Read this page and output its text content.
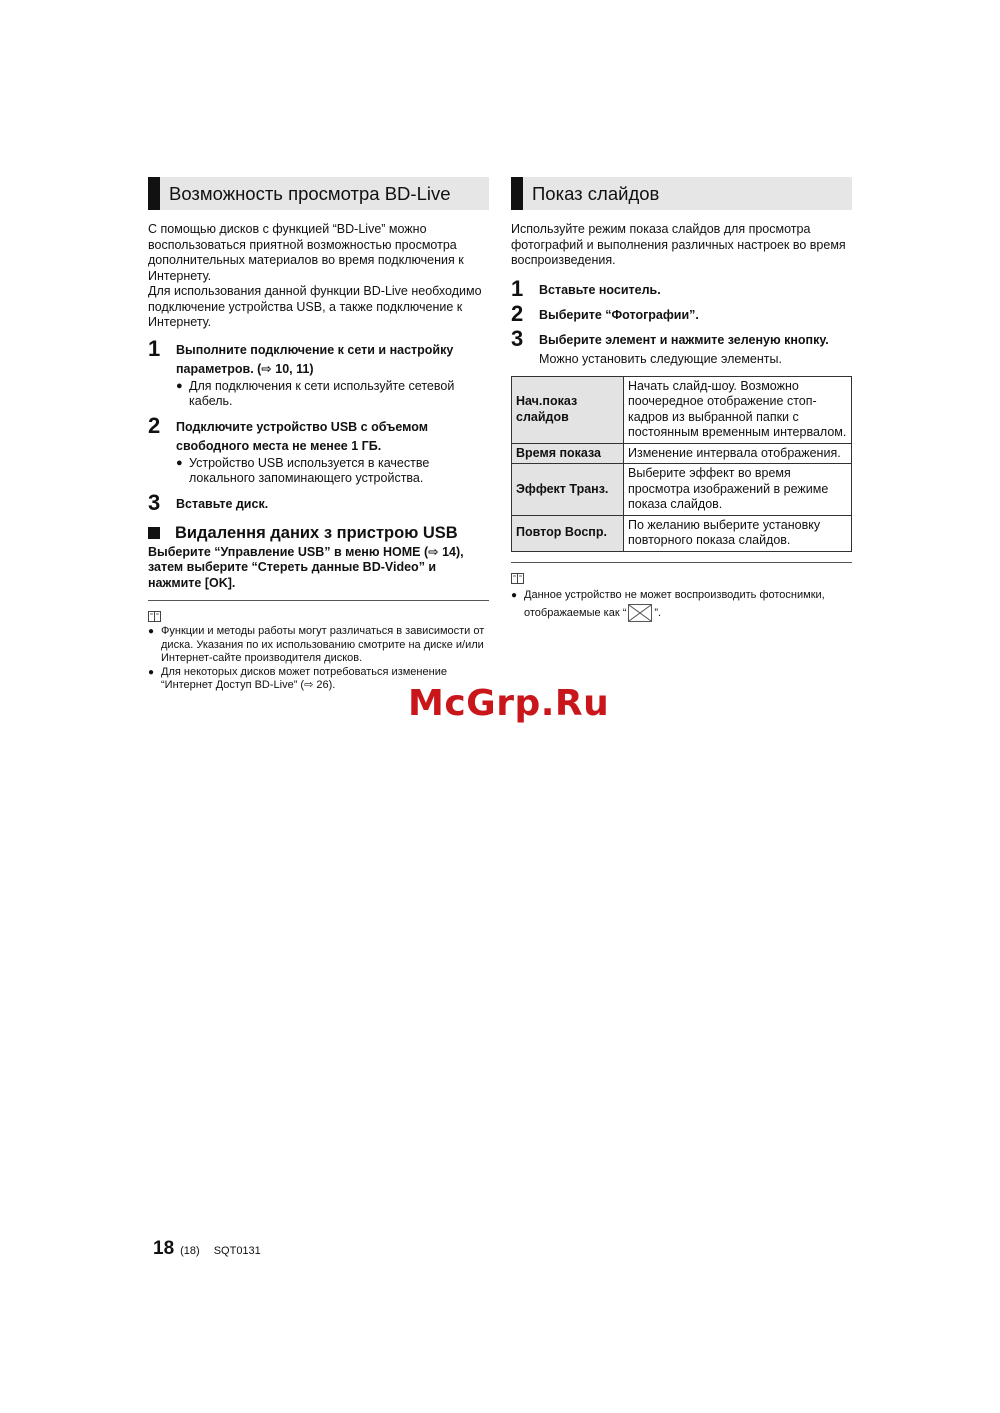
Возможность просмотра BD-Live

С помощью дисков с функцией “BD-Live” можно воспользоваться приятной возможностью просмотра дополнительных материалов во время подключения к Интернету.

Для использования данной функции BD-Live необходимо подключение устройства USB, а также подключение к Интернету.

1 Выполните подключение к сети и настройку параметров. (⇨ 10, 11)
● Для подключения к сети используйте сетевой кабель.
2 Подключите устройство USB с объемом свободного места не менее 1 ГБ.
● Устройство USB используется в качестве локального запоминающего устройства.
3 Вставьте диск.
Видалення даних з пристрою USB

Выберите “Управление USB” в меню HOME (⇨ 14), затем выберите “Стереть данные BD-Video” и нажмите [OK].

● Функции и методы работы могут различаться в зависимости от диска. Указания по их использованию смотрите на диске и/или Интернет-сайте производителя дисков.
● Для некоторых дисков может потребоваться изменение “Интернет Доступ BD-Live” (⇨ 26).
Показ слайдов

Используйте режим показа слайдов для просмотра фотографий и выполнения различных настроек во время воспроизведения.

1 Вставьте носитель.
2 Выберите “Фотографии”.
3 Выберите элемент и нажмите зеленую кнопку.
Можно установить следующие элементы.
Нач.показ слайдов	Начать слайд-шоу. Возможно поочередное отображение стоп-кадров из выбранной папки с постоянным временным интервалом.
Время показа	Изменение интервала отображения.
Эффект Транз.	Выберите эффект во время просмотра изображений в режиме показа слайдов.
Повтор Воспр.	По желанию выберите установку повторного показа слайдов.
● Данное устройство не может воспроизводить фотоснимки, отображаемые как “	”.
18 (18) SQT0131
McGrp.Ru
